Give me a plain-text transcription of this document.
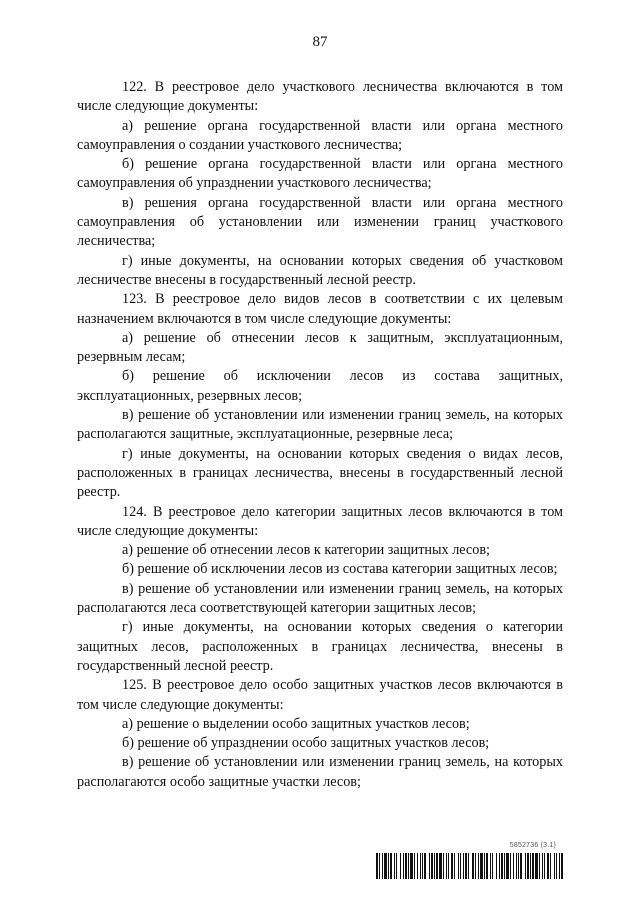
87

122. В реестровое дело участкового лесничества включаются в том числе следующие документы:

а) решение органа государственной власти или органа местного самоуправления о создании участкового лесничества;

б) решение органа государственной власти или органа местного самоуправления об упразднении участкового лесничества;

в) решения органа государственной власти или органа местного самоуправления об установлении или изменении границ участкового лесничества;

г) иные документы, на основании которых сведения об участковом лесничестве внесены в государственный лесной реестр.

123. В реестровое дело видов лесов в соответствии с их целевым назначением включаются в том числе следующие документы:

а) решение об отнесении лесов к защитным, эксплуатационным, резервным лесам;

б) решение об исключении лесов из состава защитных, эксплуатационных, резервных лесов;

в) решение об установлении или изменении границ земель, на которых располагаются защитные, эксплуатационные, резервные леса;

г) иные документы, на основании которых сведения о видах лесов, расположенных в границах лесничества, внесены в государственный лесной реестр.

124. В реестровое дело категории защитных лесов включаются в том числе следующие документы:

а) решение об отнесении лесов к категории защитных лесов;

б) решение об исключении лесов из состава категории защитных лесов;

в) решение об установлении или изменении границ земель, на которых располагаются леса соответствующей категории защитных лесов;

г) иные документы, на основании которых сведения о категории защитных лесов, расположенных в границах лесничества, внесены в государственный лесной реестр.

125. В реестровое дело особо защитных участков лесов включаются в том числе следующие документы:

а) решение о выделении особо защитных участков лесов;

б) решение об упразднении особо защитных участков лесов;

в) решение об установлении или изменении границ земель, на которых располагаются особо защитные участки лесов;

5852736 (3.1)
